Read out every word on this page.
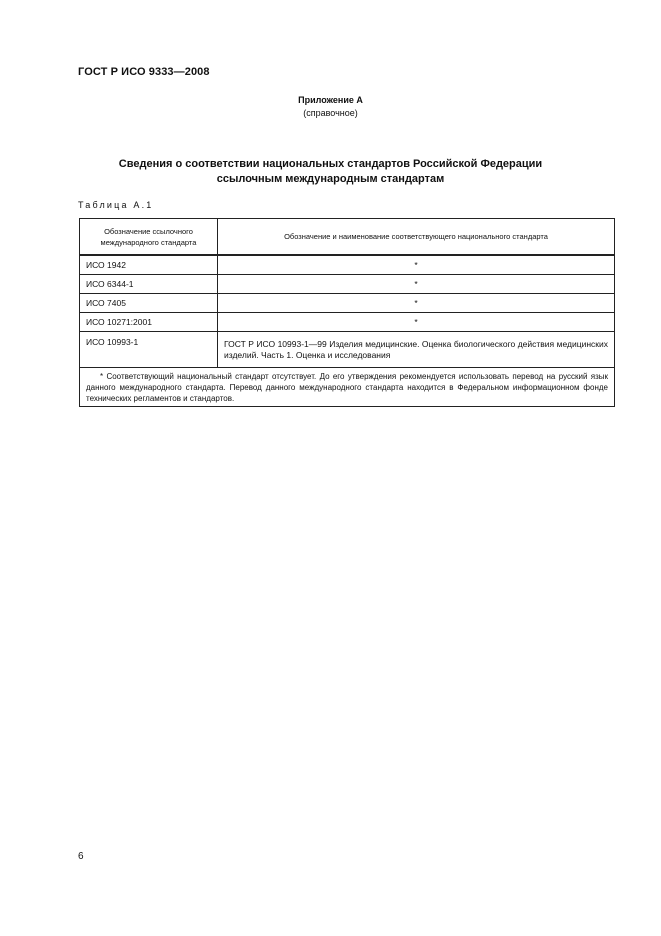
ГОСТ Р ИСО 9333—2008
Приложение А
(справочное)
Сведения о соответствии национальных стандартов Российской Федерации
ссылочным международным стандартам
Таблица А.1
Обозначение ссылочного международного стандарта	Обозначение и наименование соответствующего национального стандарта
ИСО 1942	*
ИСО 6344-1	*
ИСО 7405	*
ИСО 10271:2001	*
ИСО 10993-1	ГОСТ Р ИСО 10993-1—99 Изделия медицинские. Оценка биологического действия медицинских изделий. Часть 1. Оценка и исследования
* Соответствующий национальный стандарт отсутствует. До его утверждения рекомендуется использовать перевод на русский язык данного международного стандарта. Перевод данного международного стандарта находится в Федеральном информационном фонде технических регламентов и стандартов.	
6
